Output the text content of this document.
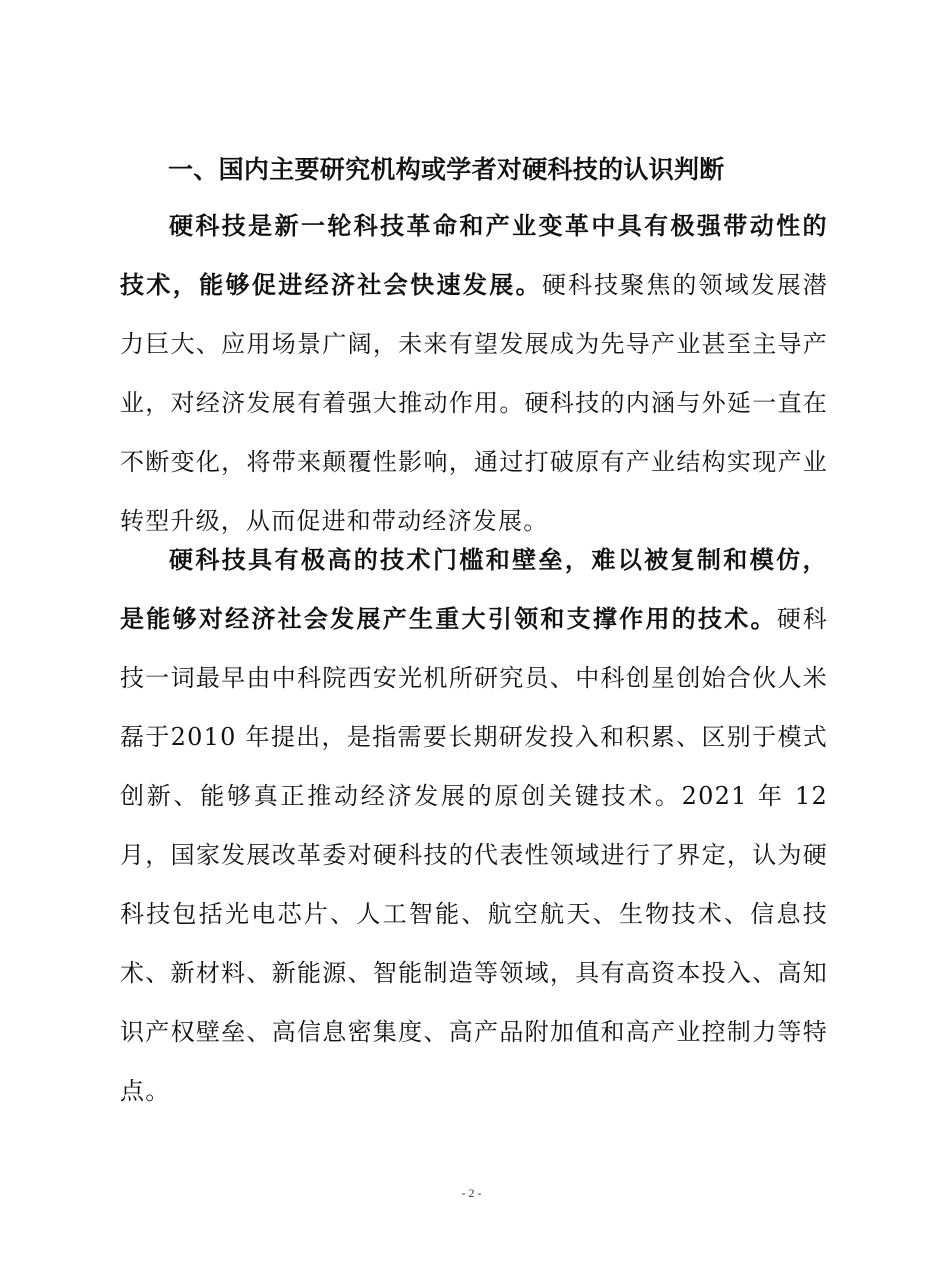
一、国内主要研究机构或学者对硬科技的认识判断

硬科技是新一轮科技革命和产业变革中具有极强带动性的技术，能够促进经济社会快速发展。硬科技聚焦的领域发展潜力巨大、应用场景广阔，未来有望发展成为先导产业甚至主导产业，对经济发展有着强大推动作用。硬科技的内涵与外延一直在不断变化，将带来颠覆性影响，通过打破原有产业结构实现产业转型升级，从而促进和带动经济发展。

硬科技具有极高的技术门槛和壁垒，难以被复制和模仿，是能够对经济社会发展产生重大引领和支撑作用的技术。硬科技一词最早由中科院西安光机所研究员、中科创星创始合伙人米磊于2010 年提出，是指需要长期研发投入和积累、区别于模式创新、能够真正推动经济发展的原创关键技术。2021 年 12 月，国家发展改革委对硬科技的代表性领域进行了界定，认为硬科技包括光电芯片、人工智能、航空航天、生物技术、信息技术、新材料、新能源、智能制造等领域，具有高资本投入、高知识产权壁垒、高信息密集度、高产品附加值和高产业控制力等特点。

- 2 -
